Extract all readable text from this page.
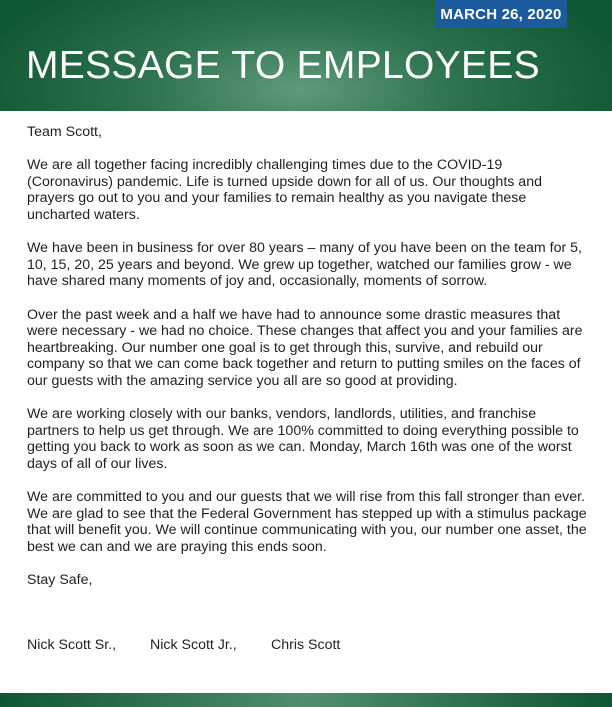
MARCH 26, 2020
MESSAGE TO EMPLOYEES

Team Scott,

We are all together facing incredibly challenging times due to the COVID-19 (Coronavirus) pandemic. Life is turned upside down for all of us. Our thoughts and prayers go out to you and your families to remain healthy as you navigate these uncharted waters.

We have been in business for over 80 years – many of you have been on the team for 5, 10, 15, 20, 25 years and beyond. We grew up together, watched our families grow - we have shared many moments of joy and, occasionally, moments of sorrow.

Over the past week and a half we have had to announce some drastic measures that were necessary - we had no choice. These changes that affect you and your families are heartbreaking. Our number one goal is to get through this, survive, and rebuild our company so that we can come back together and return to putting smiles on the faces of our guests with the amazing service you all are so good at providing.

We are working closely with our banks, vendors, landlords, utilities, and franchise partners to help us get through. We are 100% committed to doing everything possible to getting you back to work as soon as we can. Monday, March 16th was one of the worst days of all of our lives.

We are committed to you and our guests that we will rise from this fall stronger than ever. We are glad to see that the Federal Government has stepped up with a stimulus package that will benefit you. We will continue communicating with you, our number one asset, the best we can and we are praying this ends soon.

Stay Safe,

Nick Scott Sr., Nick Scott Jr., Chris Scott
